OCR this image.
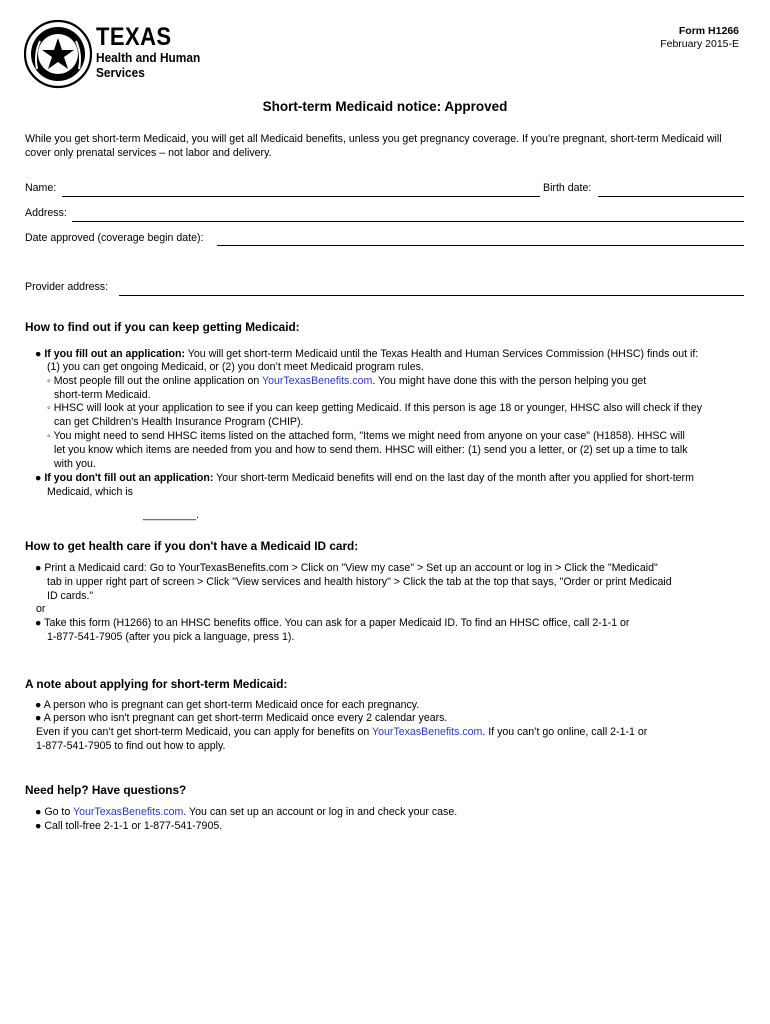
TEXAS
Health and Human
Services
Form H1266
February 2015-E
Short-term Medicaid notice: Approved
While you get short-term Medicaid, you will get all Medicaid benefits, unless you get pregnancy coverage. If you’re pregnant, short-term Medicaid will cover only prenatal services – not labor and delivery.
Name:	Birth date:
Address:
Date approved (coverage begin date):
Provider address:
How to find out if you can keep getting Medicaid:
● If you fill out an application: You will get short-term Medicaid until the Texas Health and Human Services Commission (HHSC) finds out if:
(1) you can get ongoing Medicaid, or (2) you don’t meet Medicaid program rules.
◦ Most people fill out the online application on YourTexasBenefits.com. You might have done this with the person helping you get
short-term Medicaid.
◦ HHSC will look at your application to see if you can keep getting Medicaid. If this person is age 18 or younger, HHSC also will check if they
can get Children’s Health Insurance Program (CHIP).
◦ You might need to send HHSC items listed on the attached form, "Items we might need from anyone on your case" (H1858). HHSC will
let you know which items are needed from you and how to send them. HHSC will either: (1) send you a letter, or (2) set up a time to talk
with you.
● If you don't fill out an application: Your short-term Medicaid benefits will end on the last day of the month after you applied for short-term
Medicaid, which is
_________.
How to get health care if you don't have a Medicaid ID card:
● Print a Medicaid card: Go to YourTexasBenefits.com > Click on "View my case" > Set up an account or log in > Click the "Medicaid"
tab in upper right part of screen > Click "View services and health history" > Click the tab at the top that says, "Order or print Medicaid
ID cards."
or
● Take this form (H1266) to an HHSC benefits office. You can ask for a paper Medicaid ID. To find an HHSC office, call 2-1-1 or
1-877-541-7905 (after you pick a language, press 1).
A note about applying for short-term Medicaid:
● A person who is pregnant can get short-term Medicaid once for each pregnancy.
● A person who isn't pregnant can get short-term Medicaid once every 2 calendar years.
Even if you can’t get short-term Medicaid, you can apply for benefits on YourTexasBenefits.com. If you can’t go online, call 2-1-1 or
1-877-541-7905 to find out how to apply.
Need help? Have questions?
● Go to YourTexasBenefits.com. You can set up an account or log in and check your case.
● Call toll-free 2-1-1 or 1-877-541-7905.
